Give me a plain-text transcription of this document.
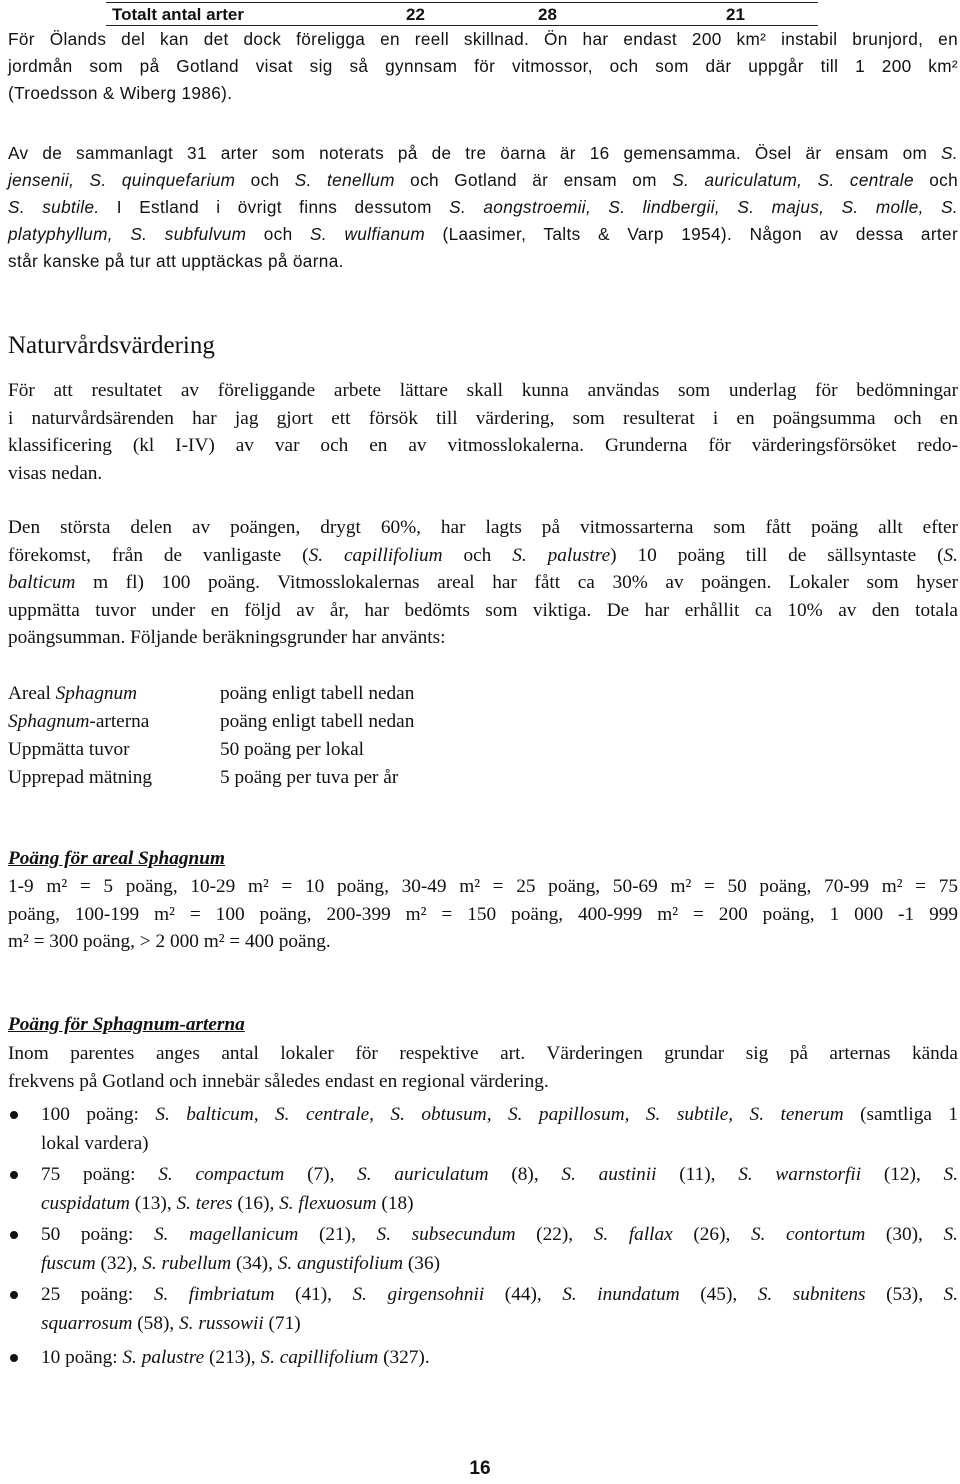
Totalt antal arter	22	28	21
För Ölands del kan det dock föreligga en reell skillnad. Ön har endast 200 km² instabil brunjord, en
jordmån som på Gotland visat sig så gynnsam för vitmossor, och som där uppgår till 1 200 km²
(Troedsson & Wiberg 1986).
Av de sammanlagt 31 arter som noterats på de tre öarna är 16 gemensamma. Ösel är ensam om S.
jensenii, S. quinquefarium och S. tenellum och Gotland är ensam om S. auriculatum, S. centrale och
S. subtile. I Estland i övrigt finns dessutom S. aongstroemii, S. lindbergii, S. majus, S. molle, S.
platyphyllum, S. subfulvum och S. wulfianum (Laasimer, Talts & Varp 1954). Någon av dessa arter
står kanske på tur att upptäckas på öarna.
Naturvårdsvärdering
För att resultatet av föreliggande arbete lättare skall kunna användas som underlag för bedömningar
i naturvårdsärenden har jag gjort ett försök till värdering, som resulterat i en poängsumma och en
klassificering (kl I-IV) av var och en av vitmosslokalerna. Grunderna för värderingsförsöket redo-
visas nedan.
Den största delen av poängen, drygt 60%, har lagts på vitmossarterna som fått poäng allt efter
förekomst, från de vanligaste (S. capillifolium och S. palustre) 10 poäng till de sällsyntaste (S.
balticum m fl) 100 poäng. Vitmosslokalernas areal har fått ca 30% av poängen. Lokaler som hyser
uppmätta tuvor under en följd av år, har bedömts som viktiga. De har erhållit ca 10% av den totala
poängsumman. Följande beräkningsgrunder har använts:
Areal Sphagnum	poäng enligt tabell nedan
Sphagnum-arterna	poäng enligt tabell nedan
Uppmätta tuvor	50 poäng per lokal
Upprepad mätning	5 poäng per tuva per år
Poäng för areal Sphagnum
1-9 m² = 5 poäng, 10-29 m² = 10 poäng, 30-49 m² = 25 poäng, 50-69 m² = 50 poäng, 70-99 m² = 75
poäng, 100-199 m² = 100 poäng, 200-399 m² = 150 poäng, 400-999 m² = 200 poäng, 1 000 -1 999
m² = 300 poäng, > 2 000 m² = 400 poäng.
Poäng för Sphagnum-arterna
Inom parentes anges antal lokaler för respektive art. Värderingen grundar sig på arternas kända
frekvens på Gotland och innebär således endast en regional värdering.
100 poäng: S. balticum, S. centrale, S. obtusum, S. papillosum, S. subtile, S. tenerum (samtliga 1
lokal vardera)
75 poäng: S. compactum (7), S. auriculatum (8), S. austinii (11), S. warnstorfii (12), S.
cuspidatum (13), S. teres (16), S. flexuosum (18)
50 poäng: S. magellanicum (21), S. subsecundum (22), S. fallax (26), S. contortum (30), S.
fuscum (32), S. rubellum (34), S. angustifolium (36)
25 poäng: S. fimbriatum (41), S. girgensohnii (44), S. inundatum (45), S. subnitens (53), S.
squarrosum (58), S. russowii (71)
10 poäng: S. palustre (213), S. capillifolium (327).
16
